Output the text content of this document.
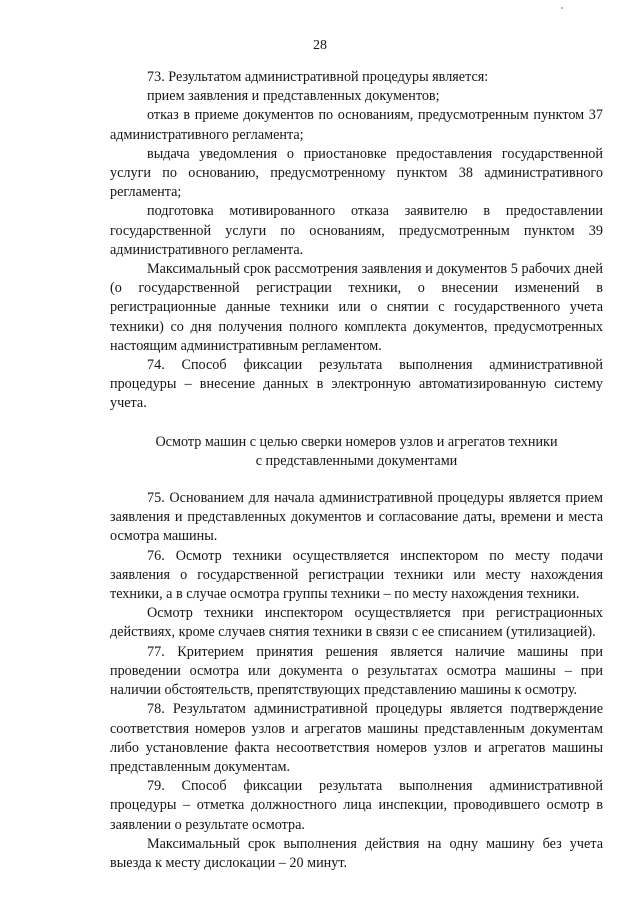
28

73. Результатом административной процедуры является:

прием заявления и представленных документов;

отказ в приеме документов по основаниям, предусмотренным пунктом 37 административного регламента;

выдача уведомления о приостановке предоставления государственной услуги по основанию, предусмотренному пунктом 38 административного регламента;

подготовка мотивированного отказа заявителю в предоставлении государственной услуги по основаниям, предусмотренным пунктом 39 административного регламента.

Максимальный срок рассмотрения заявления и документов 5 рабочих дней (о государственной регистрации техники, о внесении изменений в регистрационные данные техники или о снятии с государственного учета техники) со дня получения полного комплекта документов, предусмотренных настоящим административным регламентом.

74. Способ фиксации результата выполнения административной процедуры – внесение данных в электронную автоматизированную систему учета.

Осмотр машин с целью сверки номеров узлов и агрегатов техники

с представленными документами

75. Основанием для начала административной процедуры является прием заявления и представленных документов и согласование даты, времени и места осмотра машины.

76. Осмотр техники осуществляется инспектором по месту подачи заявления о государственной регистрации техники или месту нахождения техники, а в случае осмотра группы техники – по месту нахождения техники.

Осмотр техники инспектором осуществляется при регистрационных действиях, кроме случаев снятия техники в связи с ее списанием (утилизацией).

77. Критерием принятия решения является наличие машины при проведении осмотра или документа о результатах осмотра машины – при наличии обстоятельств, препятствующих представлению машины к осмотру.

78. Результатом административной процедуры является подтверждение соответствия номеров узлов и агрегатов машины представленным документам либо установление факта несоответствия номеров узлов и агрегатов машины представленным документам.

79. Способ фиксации результата выполнения административной процедуры – отметка должностного лица инспекции, проводившего осмотр в заявлении о результате осмотра.

Максимальный срок выполнения действия на одну машину без учета выезда к месту дислокации – 20 минут.
